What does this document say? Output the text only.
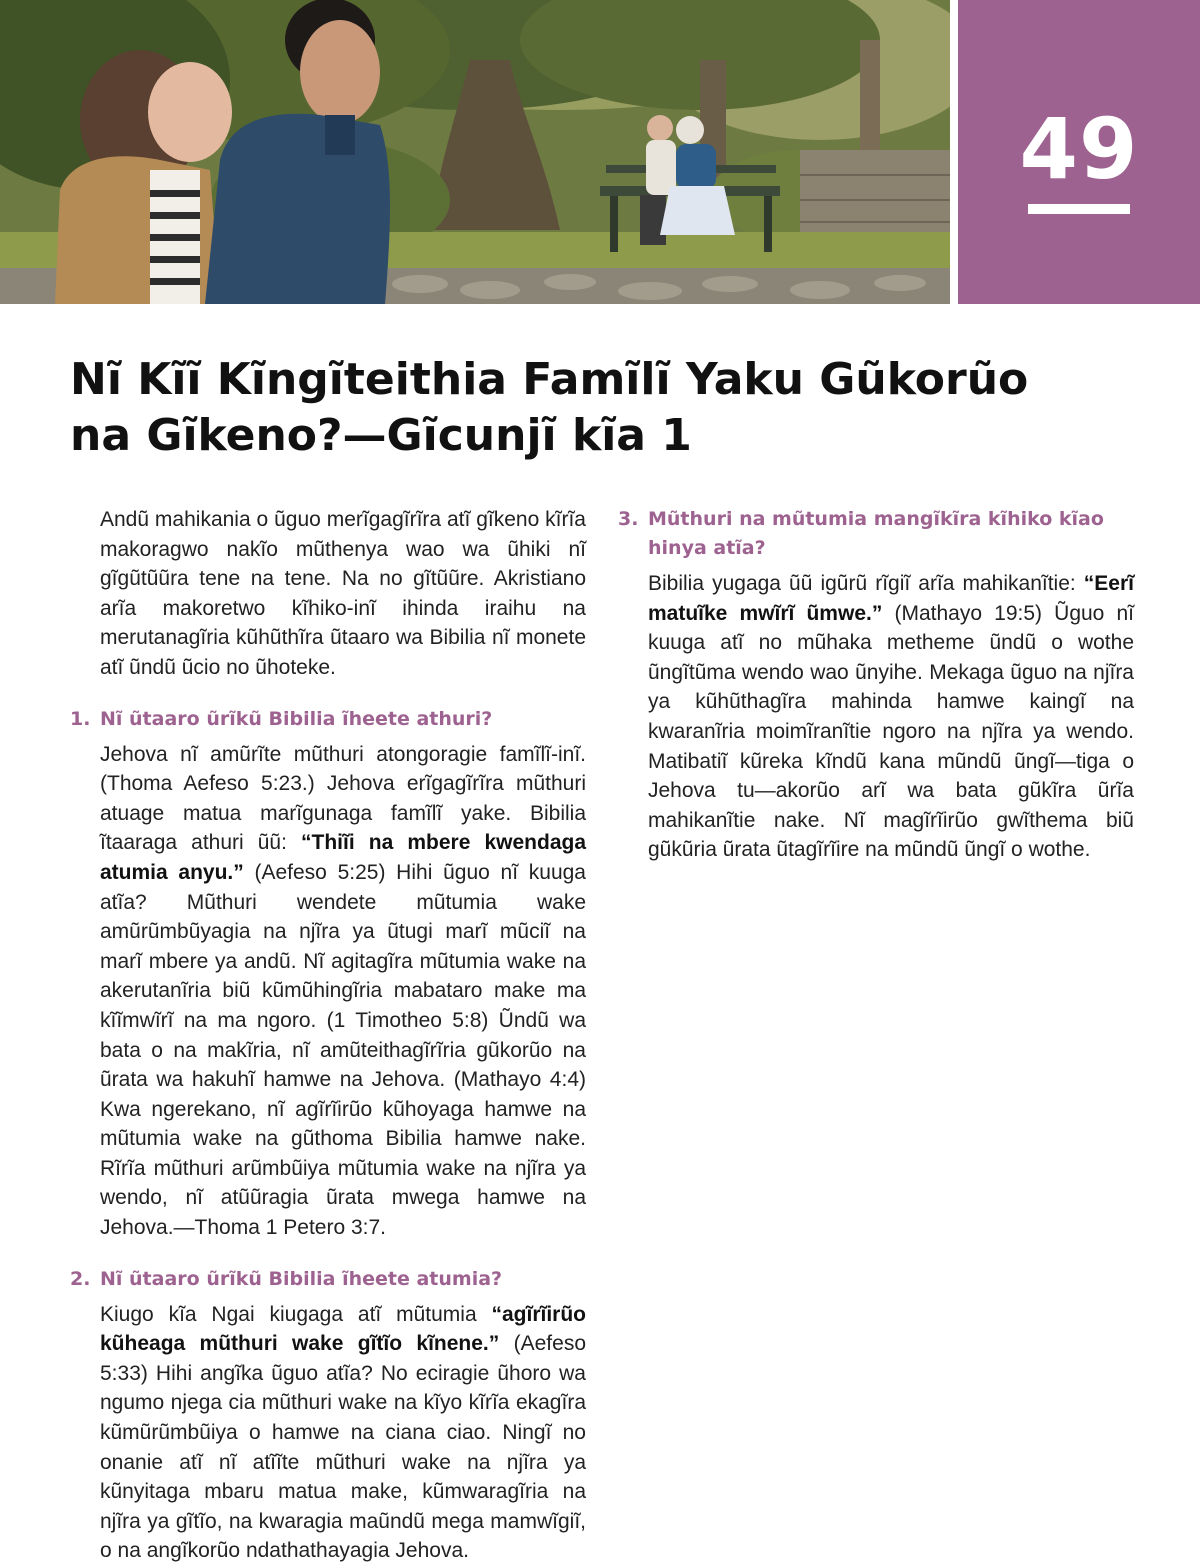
49
Nĩ Kĩĩ Kĩngĩteithia Famĩlĩ Yaku Gũkorũo
na Gĩkeno?—Gĩcunjĩ kĩa 1

Andũ mahikania o ũguo merĩgagĩrĩra atĩ gĩkeno kĩrĩa makoragwo nakĩo mũthenya wao wa ũhiki nĩ gĩgũtũũra tene na tene. Na no gĩtũũre. Akristiano arĩa makoretwo kĩhiko-inĩ ihinda iraihu na merutanagĩria kũhũthĩra ũtaaro wa Bibilia nĩ monete atĩ ũndũ ũcio no ũhoteke.

1. Nĩ ũtaaro ũrĩkũ Bibilia ĩheete athuri?

Jehova nĩ amũrĩte mũthuri atongoragie famĩlĩ-inĩ. (Thoma Aefeso 5:23.) Jehova erĩgagĩrĩra mũthuri atuage matua marĩgunaga famĩlĩ yake. Bibilia ĩtaaraga athuri ũũ: “Thiĩi na mbere kwendaga atumia anyu.” (Aefeso 5:25) Hihi ũguo nĩ kuuga atĩa? Mũthuri wendete mũtumia wake amũrũmbũyagia na njĩra ya ũtugi marĩ mũciĩ na marĩ mbere ya andũ. Nĩ agitagĩra mũtumia wake na akerutanĩria biũ kũmũhingĩria mabataro make ma kĩĩmwĩrĩ na ma ngoro. (1 Timotheo 5:8) Ũndũ wa bata o na makĩria, nĩ amũteithagĩrĩria gũkorũo na ũrata wa hakuhĩ hamwe na Jehova. (Mathayo 4:4) Kwa ngerekano, nĩ agĩrĩirũo kũhoyaga hamwe na mũtumia wake na gũthoma Bibilia hamwe nake. Rĩrĩa mũthuri arũmbũiya mũtumia wake na njĩra ya wendo, nĩ atũũragia ũrata mwega hamwe na Jehova.—Thoma 1 Petero 3:7.

2. Nĩ ũtaaro ũrĩkũ Bibilia ĩheete atumia?

Kiugo kĩa Ngai kiugaga atĩ mũtumia “agĩrĩirũo kũheaga mũthuri wake gĩtĩo kĩnene.” (Aefeso 5:33) Hihi angĩka ũguo atĩa? No eciragie ũhoro wa ngumo njega cia mũthuri wake na kĩyo kĩrĩa ekagĩra kũmũrũmbũiya o hamwe na ciana ciao. Ningĩ no onanie atĩ nĩ atĩĩte mũthuri wake na njĩra ya kũnyitaga mbaru matua make, kũmwaragĩria na njĩra ya gĩtĩo, na kwaragia maũndũ mega mamwĩgiĩ, o na angĩkorũo ndathathayagia Jehova.

3. Mũthuri na mũtumia mangĩkĩra kĩhiko kĩao hinya atĩa?

Bibilia yugaga ũũ igũrũ rĩgiĩ arĩa mahikanĩtie: “Eerĩ matuĩke mwĩrĩ ũmwe.” (Mathayo 19:5) Ũguo nĩ kuuga atĩ no mũhaka metheme ũndũ o wothe ũngĩtũma wendo wao ũnyihe. Mekaga ũguo na njĩra ya kũhũthagĩra mahinda hamwe kaingĩ na kwaranĩria moimĩranĩtie ngoro na njĩra ya wendo. Matibatiĩ kũreka kĩndũ kana mũndũ ũngĩ—tiga o Jehova tu—akorũo arĩ wa bata gũkĩra ũrĩa mahikanĩtie nake. Nĩ magĩrĩirũo gwĩthema biũ gũkũria ũrata ũtagĩrĩire na mũndũ ũngĩ o wothe.
